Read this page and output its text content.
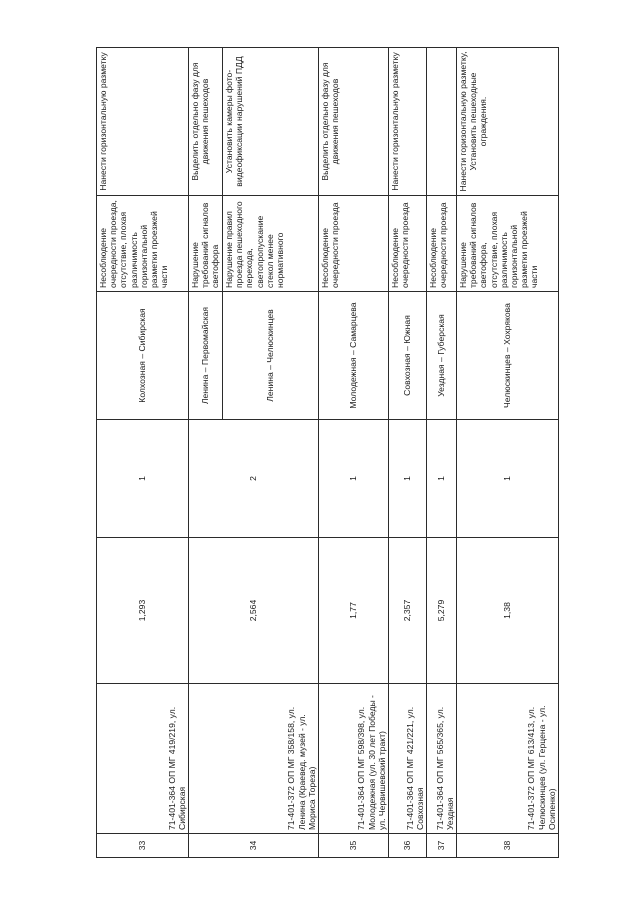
33	71-401-364 ОП МГ 419/219, ул. Сибирская	1,293	1	Колхозная – Сибирская	Несоблюдение очередности проезда, отсутствие, плохая различимость горизонтальной разметки проезжей части	Нанести горизонтальную разметку
34	71-401-372 ОП МГ 358/158, ул. Ленина (Краевед. музей - ул. Мориса Тореза)	2,564	2	Ленина – Первомайская	Нарушение требований сигналов светофора	Выделить отдельно фазу для движения пешеходов
				Ленина – Челюскинцев	Нарушение правил проезда пешеходного перехода, светопропускание стекол менее нормативного	Установить камеры фото-видеофиксации нарушений ПДД
35	71-401-364 ОП МГ 598/398, ул. Молодежная (ул. 30 лет Победы - ул. Червишевский тракт)	1,77	1	Молодежная – Самарцева	Несоблюдение очередности проезда	Выделить отдельно фазу для движения пешеходов
36	71-401-364 ОП МГ 421/221, ул. Совхозная	2,357	1	Совхозная – Южная	Несоблюдение очередности проезда	Нанести горизонтальную разметку
37	71-401-364 ОП МГ 565/365, ул. Уездная	5,279	1	Уездная – Губерская	Несоблюдение очередности проезда	
38	71-401-372 ОП МГ 613/413, ул. Челюскинцев (ул. Герцена - ул. Осипенко)	1,38	1	Челюскинцев – Хохрякова	Нарушение требований сигналов светофора, отсутствие, плохая различимость горизонтальной разметки проезжей части	Нанести горизонтальную разметку, Установить пешеходные ограждения.
